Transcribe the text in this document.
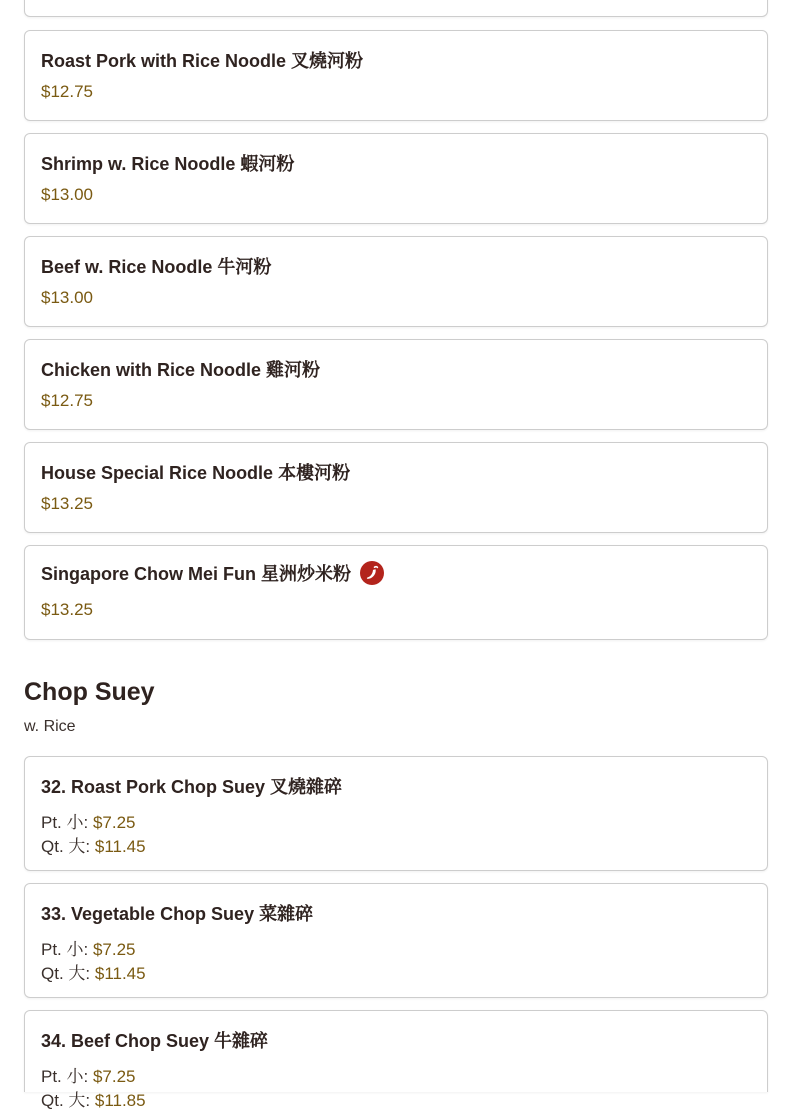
Roast Pork with Rice Noodle 叉燒河粉
$12.75
Shrimp w. Rice Noodle 蝦河粉
$13.00
Beef w. Rice Noodle 牛河粉
$13.00
Chicken with Rice Noodle 雞河粉
$12.75
House Special Rice Noodle 本樓河粉
$13.25
Singapore Chow Mei Fun 星洲炒米粉
$13.25
Chop Suey
w. Rice
32. Roast Pork Chop Suey 叉燒雜碎
Pt. 小: $7.25
Qt. 大: $11.45
33. Vegetable Chop Suey 菜雜碎
Pt. 小: $7.25
Qt. 大: $11.45
34. Beef Chop Suey 牛雜碎
Pt. 小: $7.25
Qt. 大: $11.85
